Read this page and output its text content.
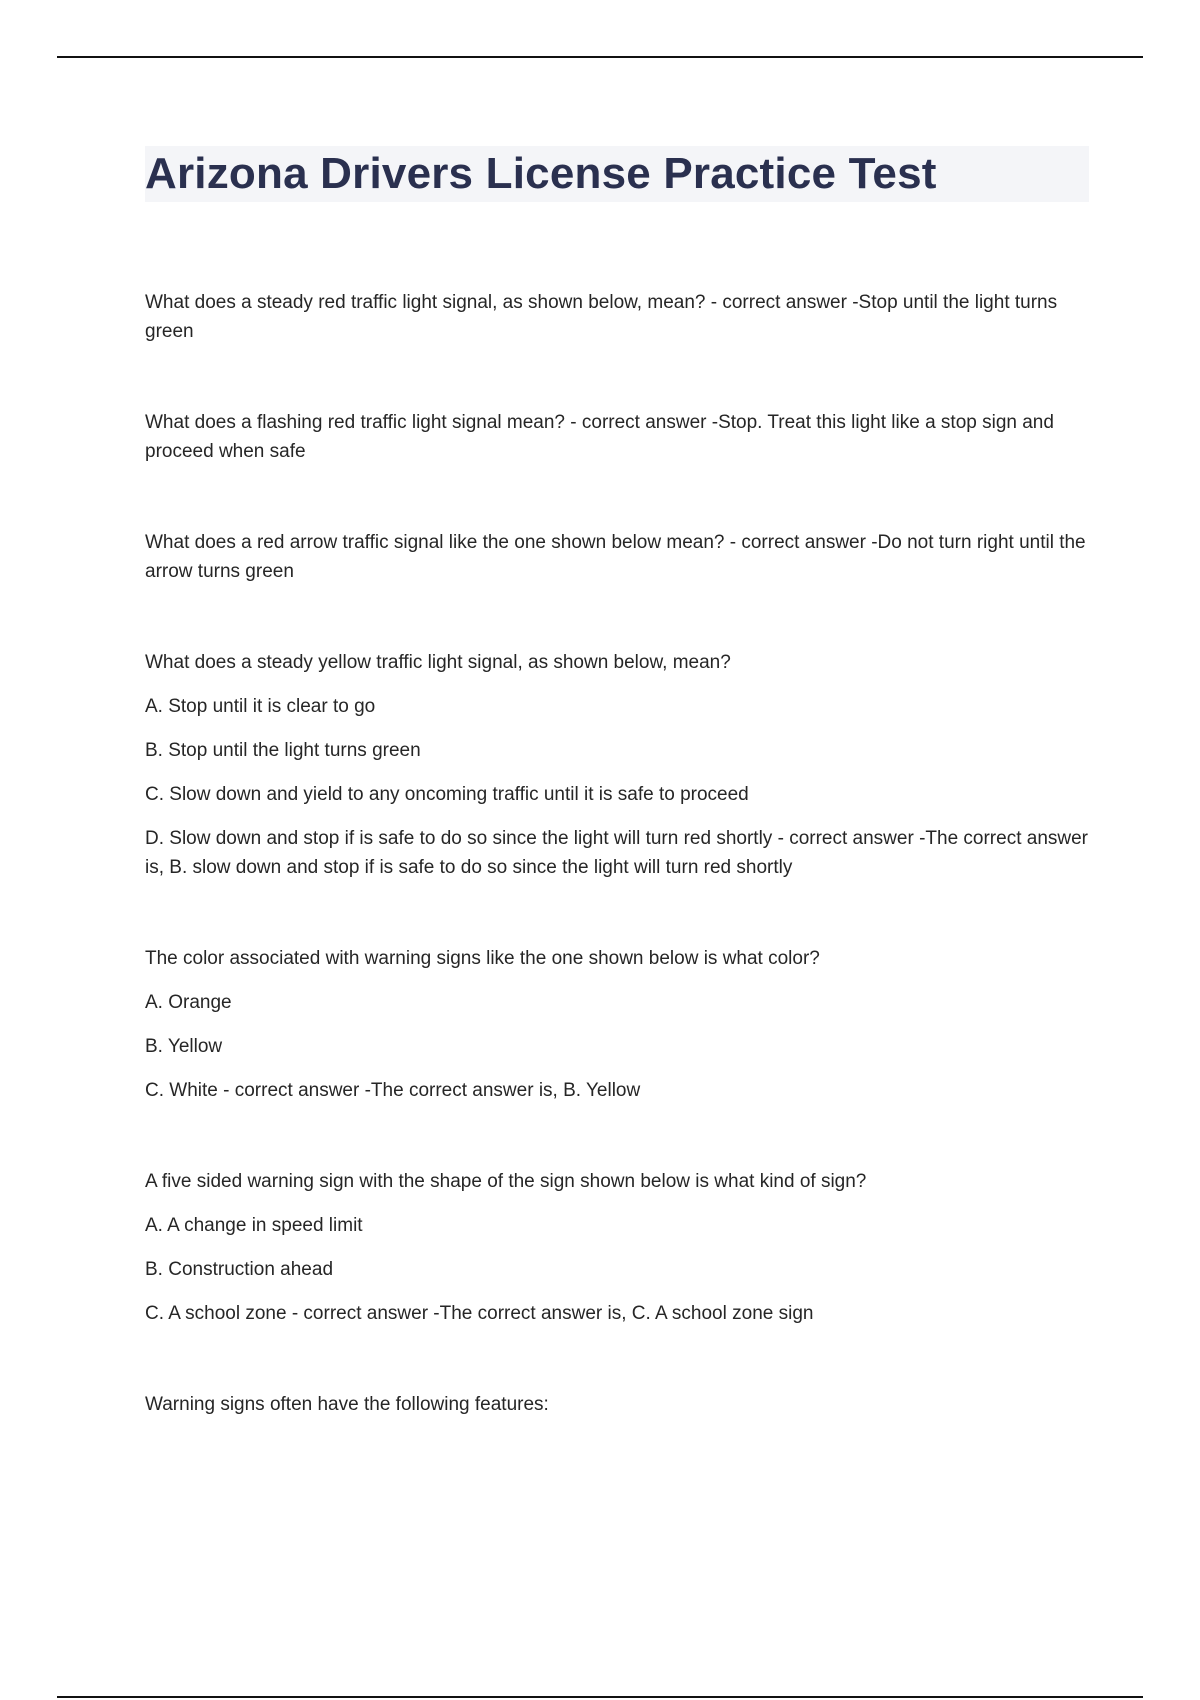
Arizona Drivers License Practice Test

What does a steady red traffic light signal, as shown below, mean? - correct answer -Stop until the light turns green

What does a flashing red traffic light signal mean? - correct answer -Stop. Treat this light like a stop sign and proceed when safe

What does a red arrow traffic signal like the one shown below mean? - correct answer -Do not turn right until the arrow turns green

What does a steady yellow traffic light signal, as shown below, mean?

A. Stop until it is clear to go

B. Stop until the light turns green

C. Slow down and yield to any oncoming traffic until it is safe to proceed

D. Slow down and stop if is safe to do so since the light will turn red shortly - correct answer -The correct answer is, B. slow down and stop if is safe to do so since the light will turn red shortly

The color associated with warning signs like the one shown below is what color?

A. Orange

B. Yellow

C. White - correct answer -The correct answer is, B. Yellow

A five sided warning sign with the shape of the sign shown below is what kind of sign?

A. A change in speed limit

B. Construction ahead

C. A school zone - correct answer -The correct answer is, C. A school zone sign

Warning signs often have the following features:
